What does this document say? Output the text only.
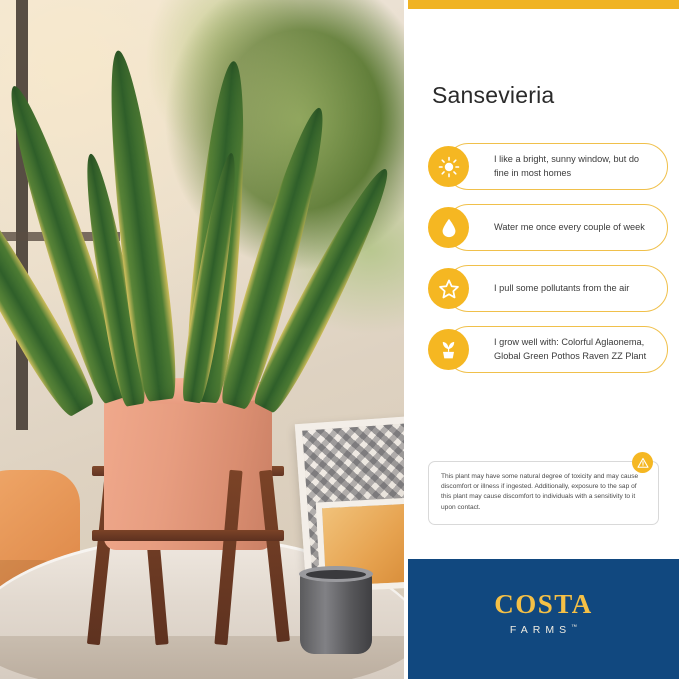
Sansevieria
I like a bright, sunny window, but do fine in most homes
Water me once every couple of week
I pull some pollutants from the air
I grow well with: Colorful Aglaonema, Global Green Pothos Raven ZZ Plant
This plant may have some natural degree of toxicity and may cause discomfort or illness if ingested. Additionally, exposure to the sap of this plant may cause discomfort to individuals with a sensitivity to it upon contact.
COSTA
FARMS™
